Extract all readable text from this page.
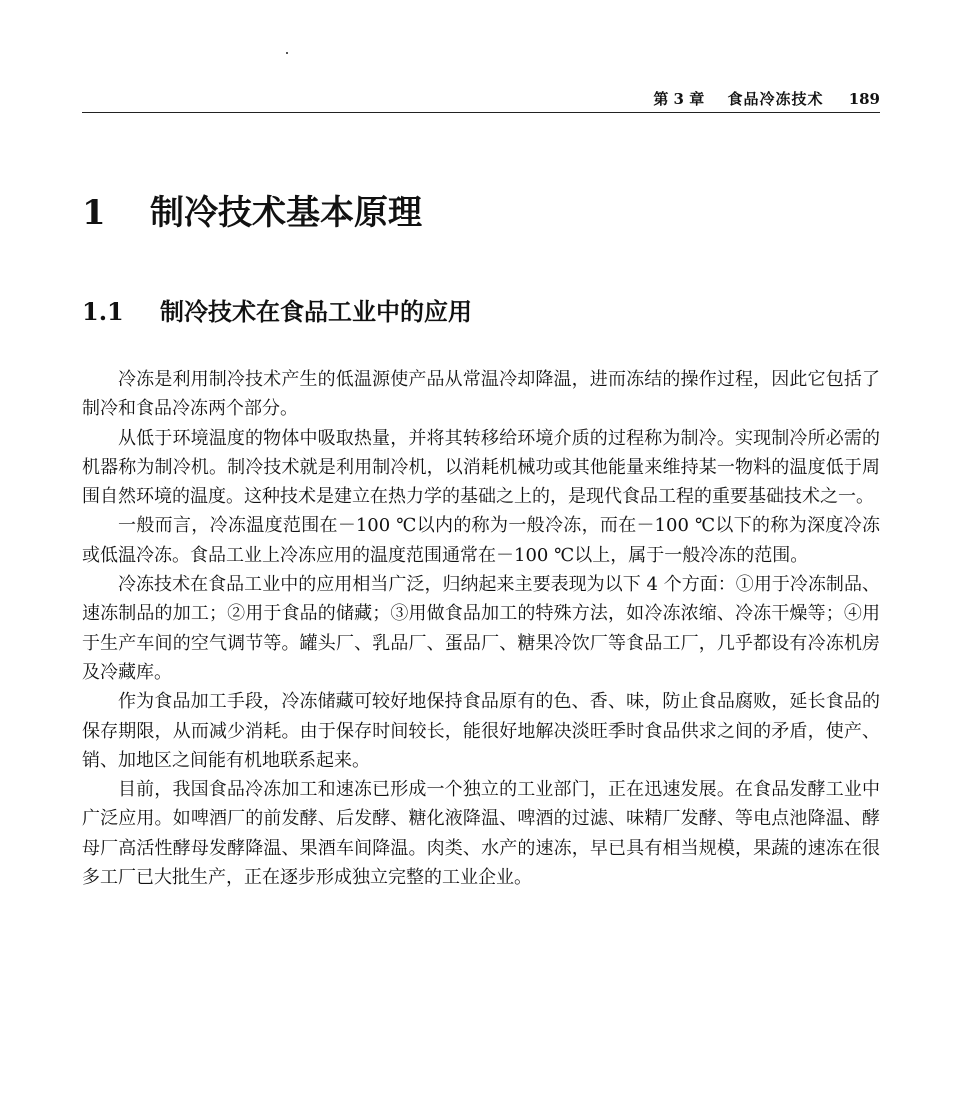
第 3 章 食品冷冻技术 189
1 制冷技术基本原理
1.1 制冷技术在食品工业中的应用

冷冻是利用制冷技术产生的低温源使产品从常温冷却降温，进而冻结的操作过程，因此它包括了制冷和食品冷冻两个部分。

从低于环境温度的物体中吸取热量，并将其转移给环境介质的过程称为制冷。实现制冷所必需的机器称为制冷机。制冷技术就是利用制冷机，以消耗机械功或其他能量来维持某一物料的温度低于周围自然环境的温度。这种技术是建立在热力学的基础之上的，是现代食品工程的重要基础技术之一。

一般而言，冷冻温度范围在－100 ℃以内的称为一般冷冻，而在－100 ℃以下的称为深度冷冻或低温冷冻。食品工业上冷冻应用的温度范围通常在－100 ℃以上，属于一般冷冻的范围。

冷冻技术在食品工业中的应用相当广泛，归纳起来主要表现为以下 4 个方面：①用于冷冻制品、速冻制品的加工；②用于食品的储藏；③用做食品加工的特殊方法，如冷冻浓缩、冷冻干燥等；④用于生产车间的空气调节等。罐头厂、乳品厂、蛋品厂、糖果冷饮厂等食品工厂，几乎都设有冷冻机房及冷藏库。

作为食品加工手段，冷冻储藏可较好地保持食品原有的色、香、味，防止食品腐败，延长食品的保存期限，从而减少消耗。由于保存时间较长，能很好地解决淡旺季时食品供求之间的矛盾，使产、销、加地区之间能有机地联系起来。

目前，我国食品冷冻加工和速冻已形成一个独立的工业部门，正在迅速发展。在食品发酵工业中广泛应用。如啤酒厂的前发酵、后发酵、糖化液降温、啤酒的过滤、味精厂发酵、等电点池降温、酵母厂高活性酵母发酵降温、果酒车间降温。肉类、水产的速冻，早已具有相当规模，果蔬的速冻在很多工厂已大批生产，正在逐步形成独立完整的工业企业。
